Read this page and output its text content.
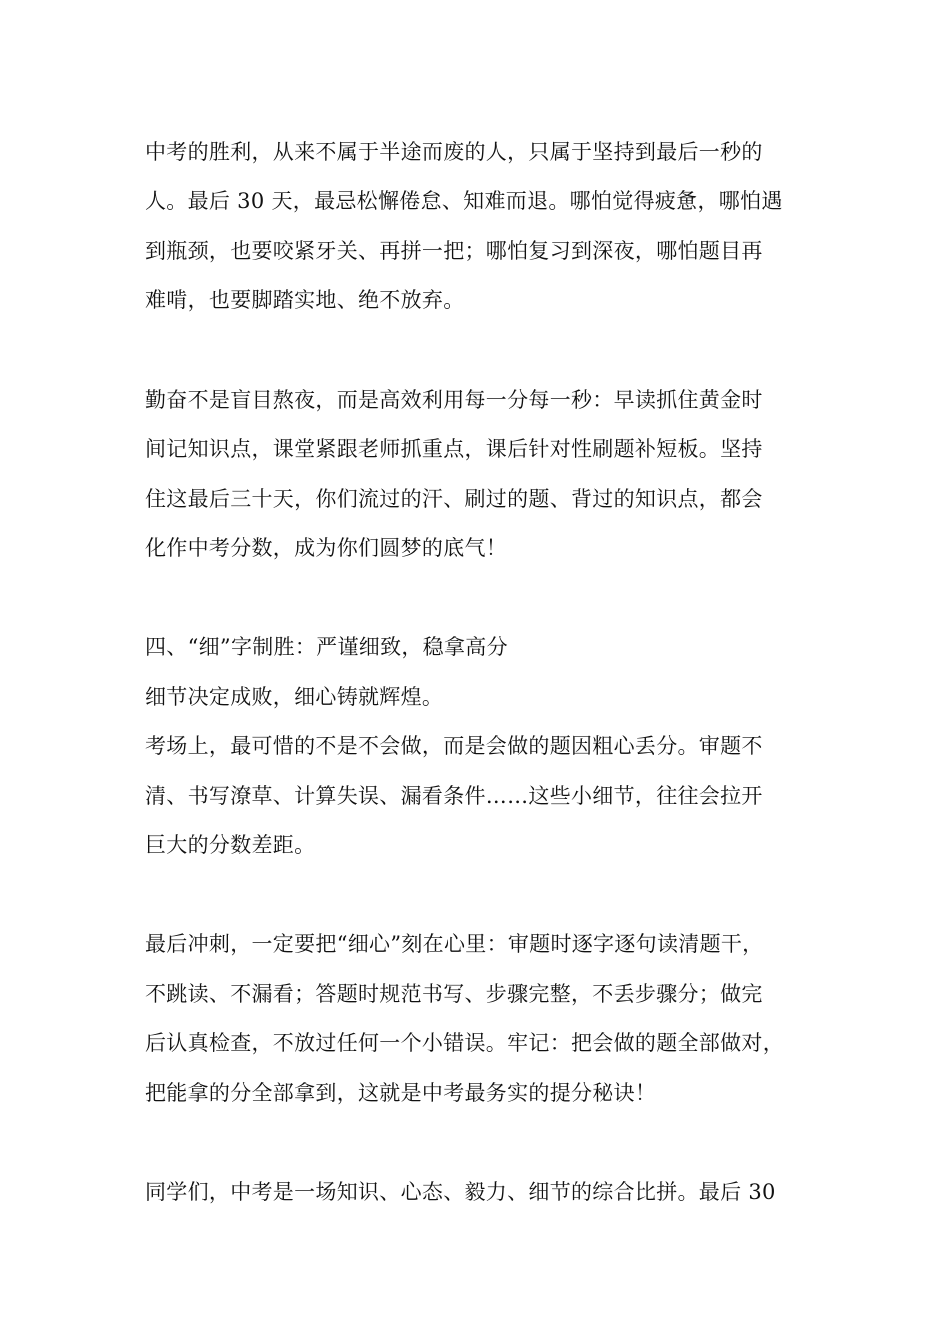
中考的胜利，从来不属于半途而废的人，只属于坚持到最后一秒的
人。最后 30 天，最忌松懈倦怠、知难而退。哪怕觉得疲惫，哪怕遇
到瓶颈，也要咬紧牙关、再拼一把；哪怕复习到深夜，哪怕题目再
难啃，也要脚踏实地、绝不放弃。
勤奋不是盲目熬夜，而是高效利用每一分每一秒：早读抓住黄金时
间记知识点，课堂紧跟老师抓重点，课后针对性刷题补短板。坚持
住这最后三十天，你们流过的汗、刷过的题、背过的知识点，都会
化作中考分数，成为你们圆梦的底气！
四、“细”字制胜：严谨细致，稳拿高分
细节决定成败，细心铸就辉煌。
考场上，最可惜的不是不会做，而是会做的题因粗心丢分。审题不
清、书写潦草、计算失误、漏看条件……这些小细节，往往会拉开
巨大的分数差距。
最后冲刺，一定要把“细心”刻在心里：审题时逐字逐句读清题干，
不跳读、不漏看；答题时规范书写、步骤完整，不丢步骤分；做完
后认真检查，不放过任何一个小错误。牢记：把会做的题全部做对，
把能拿的分全部拿到，这就是中考最务实的提分秘诀！
同学们，中考是一场知识、心态、毅力、细节的综合比拼。最后 30
